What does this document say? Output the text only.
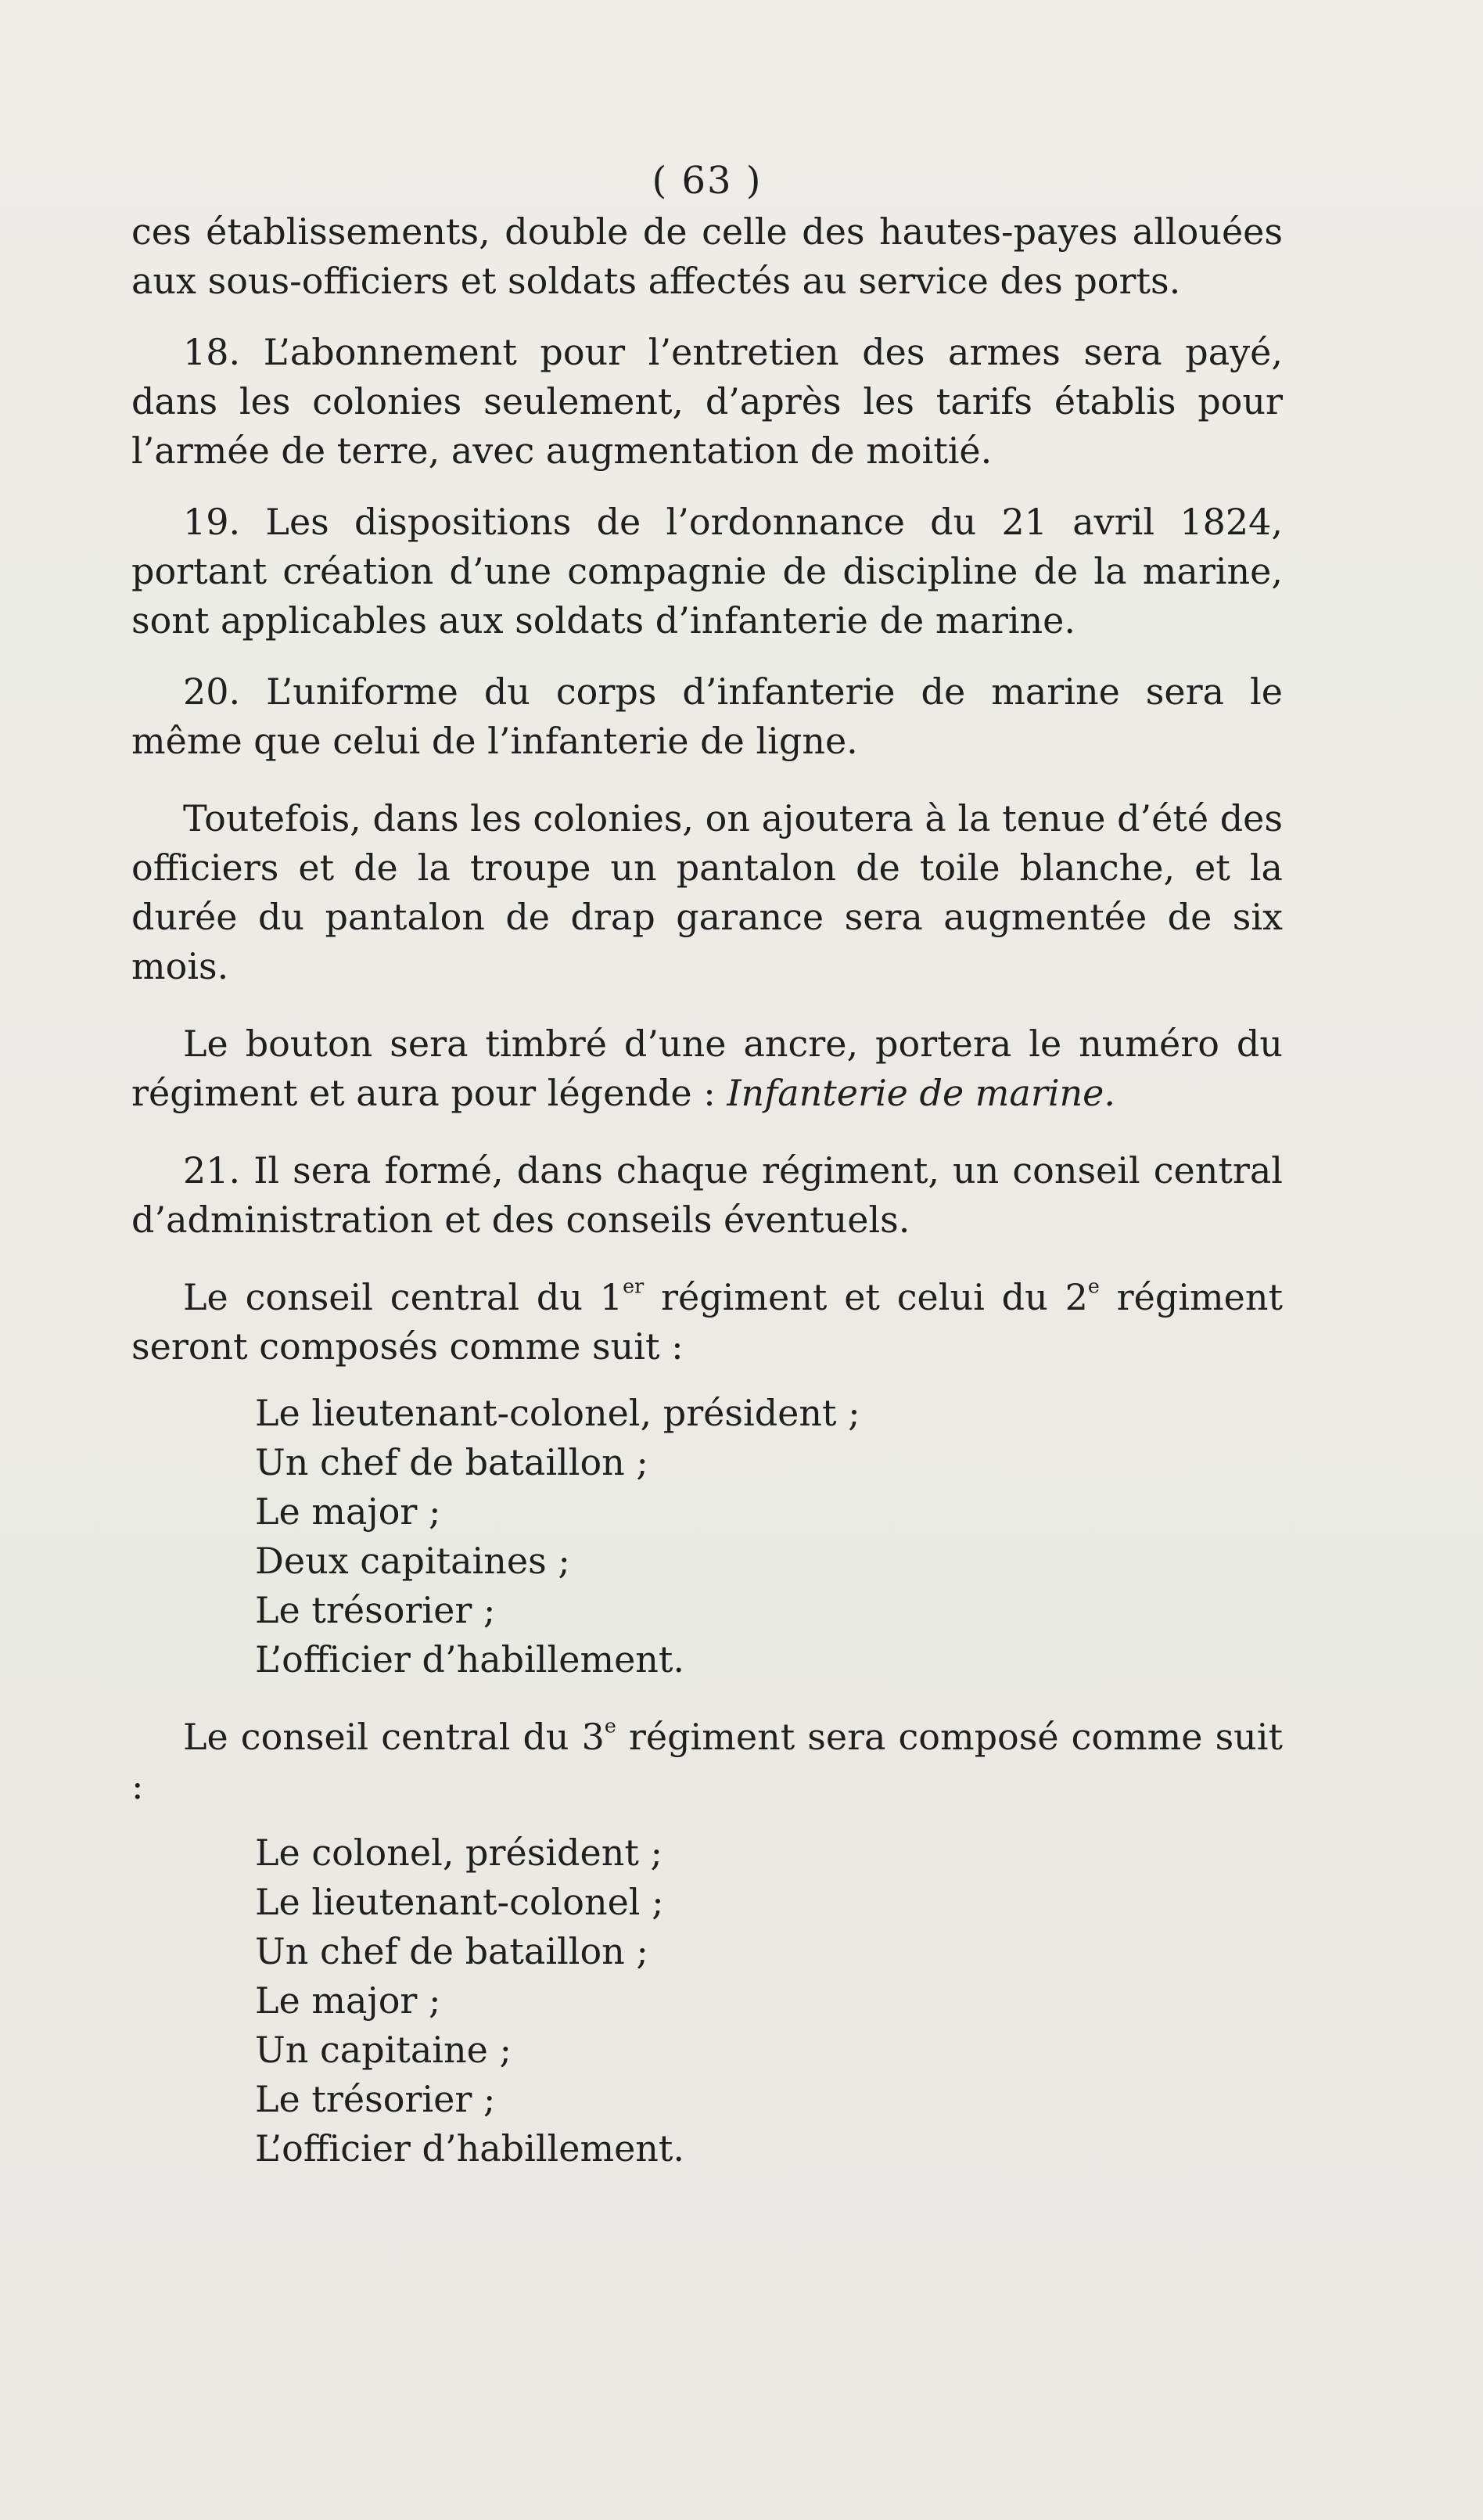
( 63 )

ces établissements, double de celle des hautes-payes allouées aux sous-officiers et soldats affectés au service des ports.

18. L’abonnement pour l’entretien des armes sera payé, dans les colonies seulement, d’après les tarifs établis pour l’armée de terre, avec augmentation de moitié.

19. Les dispositions de l’ordonnance du 21 avril 1824, portant création d’une compagnie de discipline de la marine, sont applicables aux soldats d’infanterie de marine.

20. L’uniforme du corps d’infanterie de marine sera le même que celui de l’infanterie de ligne.

Toutefois, dans les colonies, on ajoutera à la tenue d’été des officiers et de la troupe un pantalon de toile blanche, et la durée du pantalon de drap garance sera augmentée de six mois.

Le bouton sera timbré d’une ancre, portera le numéro du régiment et aura pour légende : Infanterie de marine.

21. Il sera formé, dans chaque régiment, un conseil central d’administration et des conseils éventuels.

Le conseil central du 1er régiment et celui du 2e régiment seront composés comme suit :

Le lieutenant-colonel, président ;
Un chef de bataillon ;
Le major ;
Deux capitaines ;
Le trésorier ;
L’officier d’habillement.

Le conseil central du 3e régiment sera composé comme suit :

Le colonel, président ;
Le lieutenant-colonel ;
Un chef de bataillon ;
Le major ;
Un capitaine ;
Le trésorier ;
L’officier d’habillement.
